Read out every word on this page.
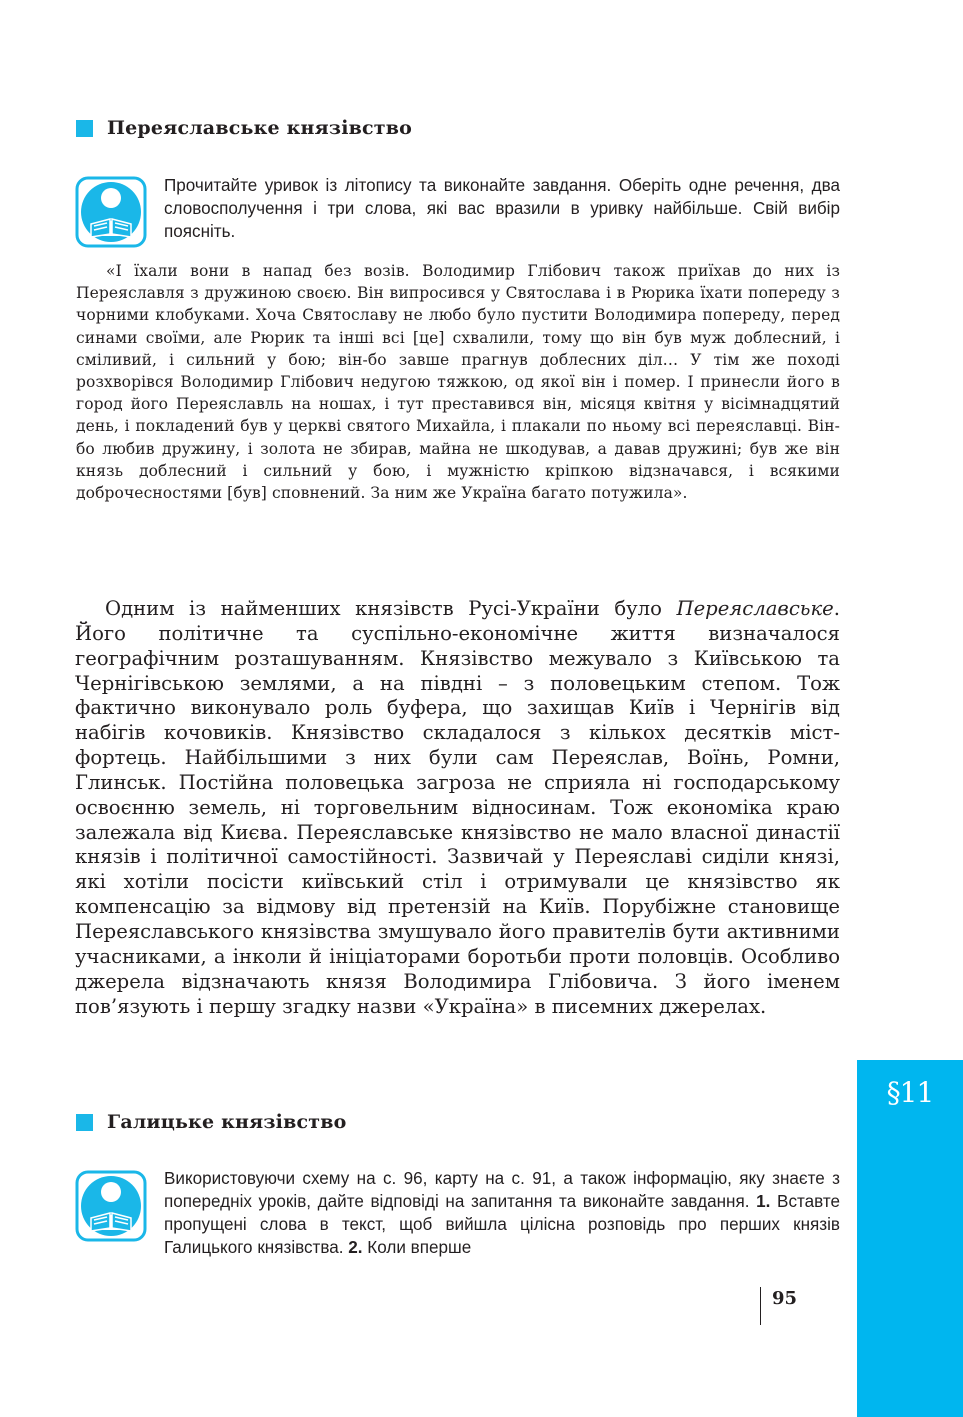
Переяславське князівство
Прочитайте уривок із літопису та виконайте завдання. Оберіть одне речення, два словосполучення і три слова, які вас вразили в уривку найбільше. Свій вибір поясніть.
«І їхали вони в напад без возів. Володимир Глібович також приїхав до них із Переяславля з дружиною своєю. Він випросився у Святослава і в Рюрика їхати попереду з чорними клобуками. Хоча Святославу не любо було пустити Володимира попереду, перед синами своїми, але Рюрик та інші всі [це] схвалили, тому що він був муж доблесний, і сміливий, і сильний у бою; він-бо завше прагнув доблесних діл… У тім же поході розхворівся Володимир Глібович недугою тяжкою, од якої він і помер. І принесли його в город його Переяславль на ношах, і тут преставився він, місяця квітня у вісімнадцятий день, і покладений був у церкві святого Михайла, і плакали по ньому всі переяславці. Він-бо любив дружину, і золота не збирав, майна не шкодував, а давав дружині; був же він князь доблесний і сильний у бою, і мужністю кріпкою відзначався, і всякими доброчесностями [був] сповнений. За ним же Україна багато потужила».
Одним із найменших князівств Русі-України було Переяславське. Його політичне та суспільно-економічне життя визначалося географічним розташуванням. Князівство межувало з Київською та Чернігівською землями, а на півдні – з половецьким степом. Тож фактично виконувало роль буфера, що захищав Київ і Чернігів від набігів кочовиків. Князівство складалося з кількох десятків міст-фортець. Найбільшими з них були сам Переяслав, Воїнь, Ромни, Глинськ. Постійна половецька загроза не сприяла ні господарському освоєнню земель, ні торговельним відносинам. Тож економіка краю залежала від Києва. Переяславське князівство не мало власної династії князів і політичної самостійності. Зазвичай у Переяславі сиділи князі, які хотіли посісти київський стіл і отримували це князівство як компенсацію за відмову від претензій на Київ. Порубіжне становище Переяславського князівства змушувало його правителів бути активними учасниками, а інколи й ініціаторами боротьби проти половців. Особливо джерела відзначають князя Володимира Глібовича. З його іменем пов’язують і першу згадку назви «Україна» в писемних джерелах.
Галицьке князівство
Використовуючи схему на с. 96, карту на с. 91, а також інформацію, яку знаєте з попередніх уроків, дайте відповіді на запитання та виконайте завдання. 1. Вставте пропущені слова в текст, щоб вийшла цілісна розповідь про перших князів Галицького князівства. 2. Коли вперше
§11
95
